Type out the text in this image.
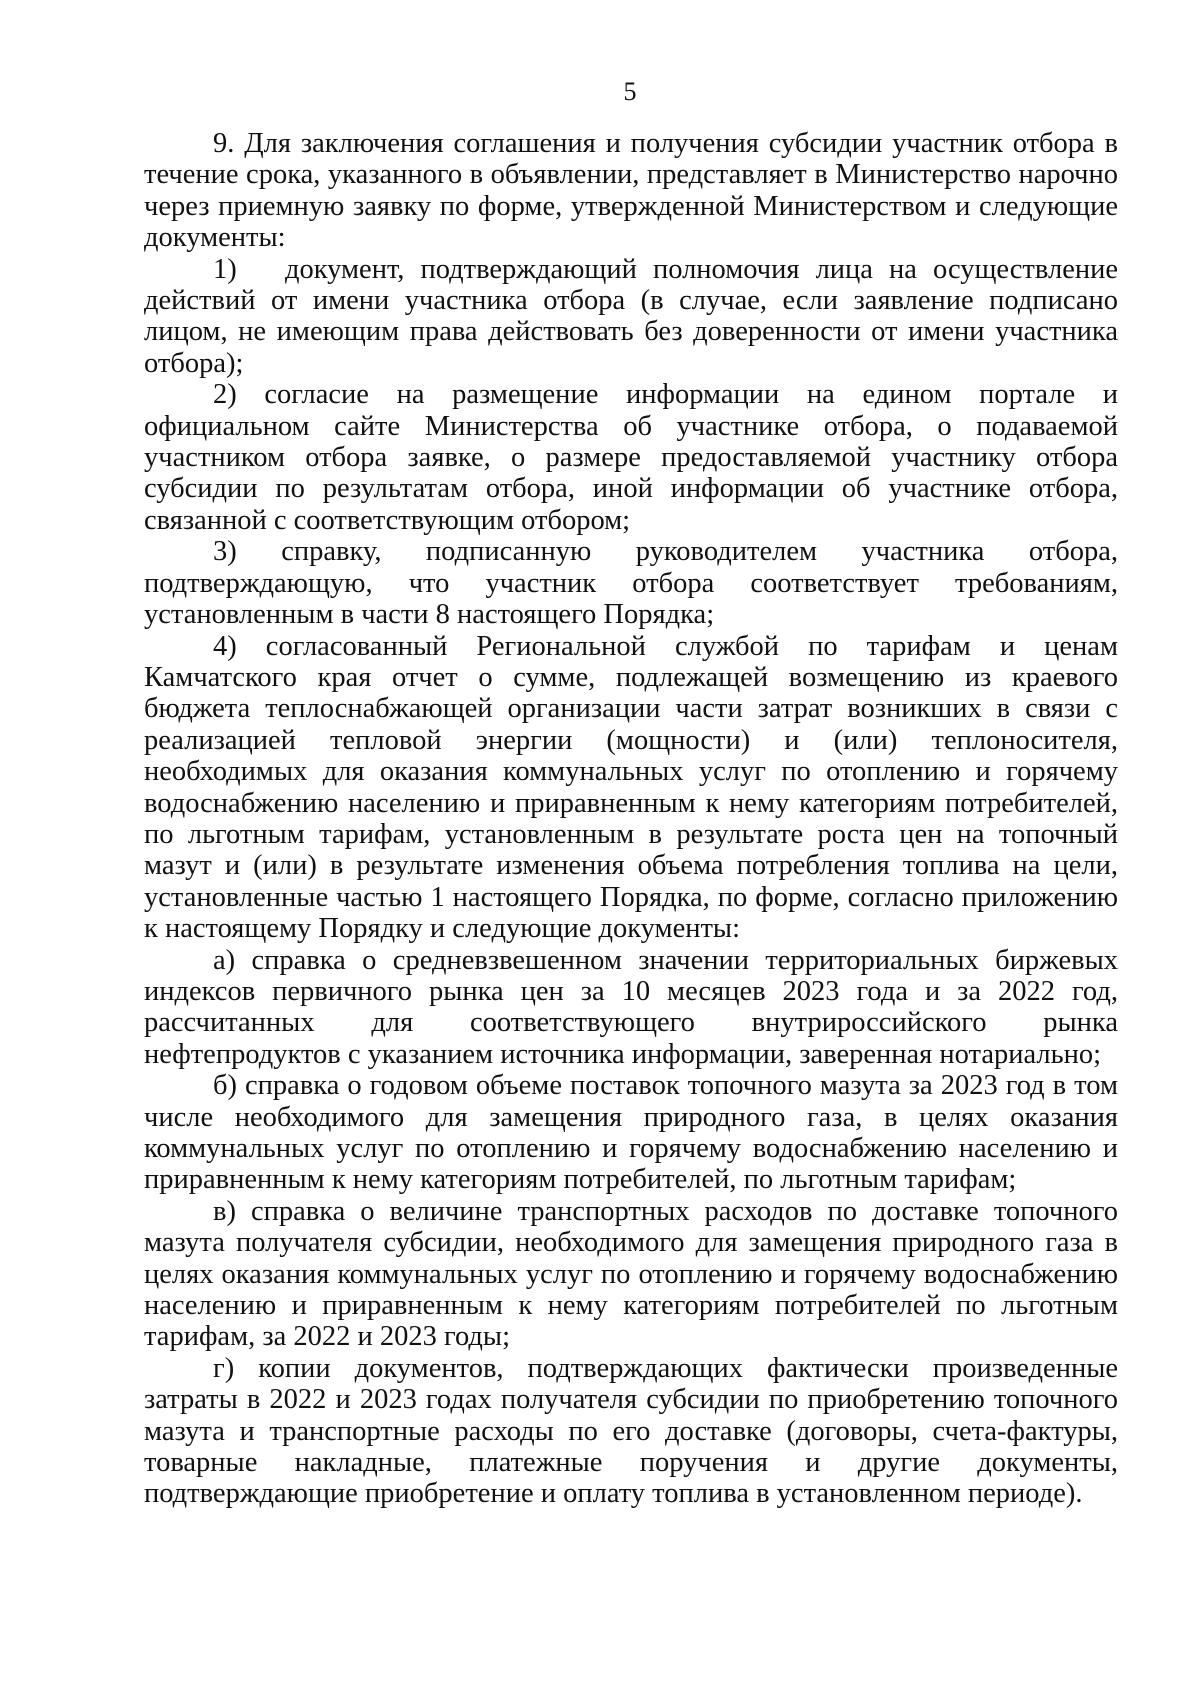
5

9. Для заключения соглашения и получения субсидии участник отбора в течение срока, указанного в объявлении, представляет в Министерство нарочно через приемную заявку по форме, утвержденной Министерством и следующие документы:

1)   документ, подтверждающий полномочия лица на осуществление действий от имени участника отбора (в случае, если заявление подписано лицом, не имеющим права действовать без доверенности от имени участника отбора);

2) согласие на размещение информации на едином портале и официальном сайте Министерства об участнике отбора, о подаваемой участником отбора заявке, о размере предоставляемой участнику отбора субсидии по результатам отбора, иной информации об участнике отбора, связанной с соответствующим отбором;

3) справку, подписанную руководителем участника отбора, подтверждающую, что участник отбора соответствует требованиям, установленным в части 8 настоящего Порядка;

4) согласованный Региональной службой по тарифам и ценам Камчатского края отчет о сумме, подлежащей возмещению из краевого бюджета теплоснабжающей организации части затрат возникших в связи с реализацией тепловой энергии (мощности) и (или) теплоносителя, необходимых для оказания коммунальных услуг по отоплению и горячему водоснабжению населению и приравненным к нему категориям потребителей, по льготным тарифам, установленным в результате роста цен на топочный мазут и (или) в результате изменения объема потребления топлива на цели, установленные частью 1 настоящего Порядка, по форме, согласно приложению к настоящему Порядку и следующие документы:

а) справка о средневзвешенном значении территориальных биржевых индексов первичного рынка цен за 10 месяцев 2023 года и за 2022 год, рассчитанных для соответствующего внутрироссийского рынка нефтепродуктов с указанием источника информации, заверенная нотариально;

б) справка о годовом объеме поставок топочного мазута за 2023 год в том числе необходимого для замещения природного газа, в целях оказания коммунальных услуг по отоплению и горячему водоснабжению населению и приравненным к нему категориям потребителей, по льготным тарифам;

в) справка о величине транспортных расходов по доставке топочного мазута получателя субсидии, необходимого для замещения природного газа в целях оказания коммунальных услуг по отоплению и горячему водоснабжению населению и приравненным к нему категориям потребителей по льготным тарифам, за 2022 и 2023 годы;

г) копии документов, подтверждающих фактически произведенные затраты в 2022 и 2023 годах получателя субсидии по приобретению топочного мазута и транспортные расходы по его доставке (договоры, счета-фактуры, товарные накладные, платежные поручения и другие документы, подтверждающие приобретение и оплату топлива в установленном периоде).
